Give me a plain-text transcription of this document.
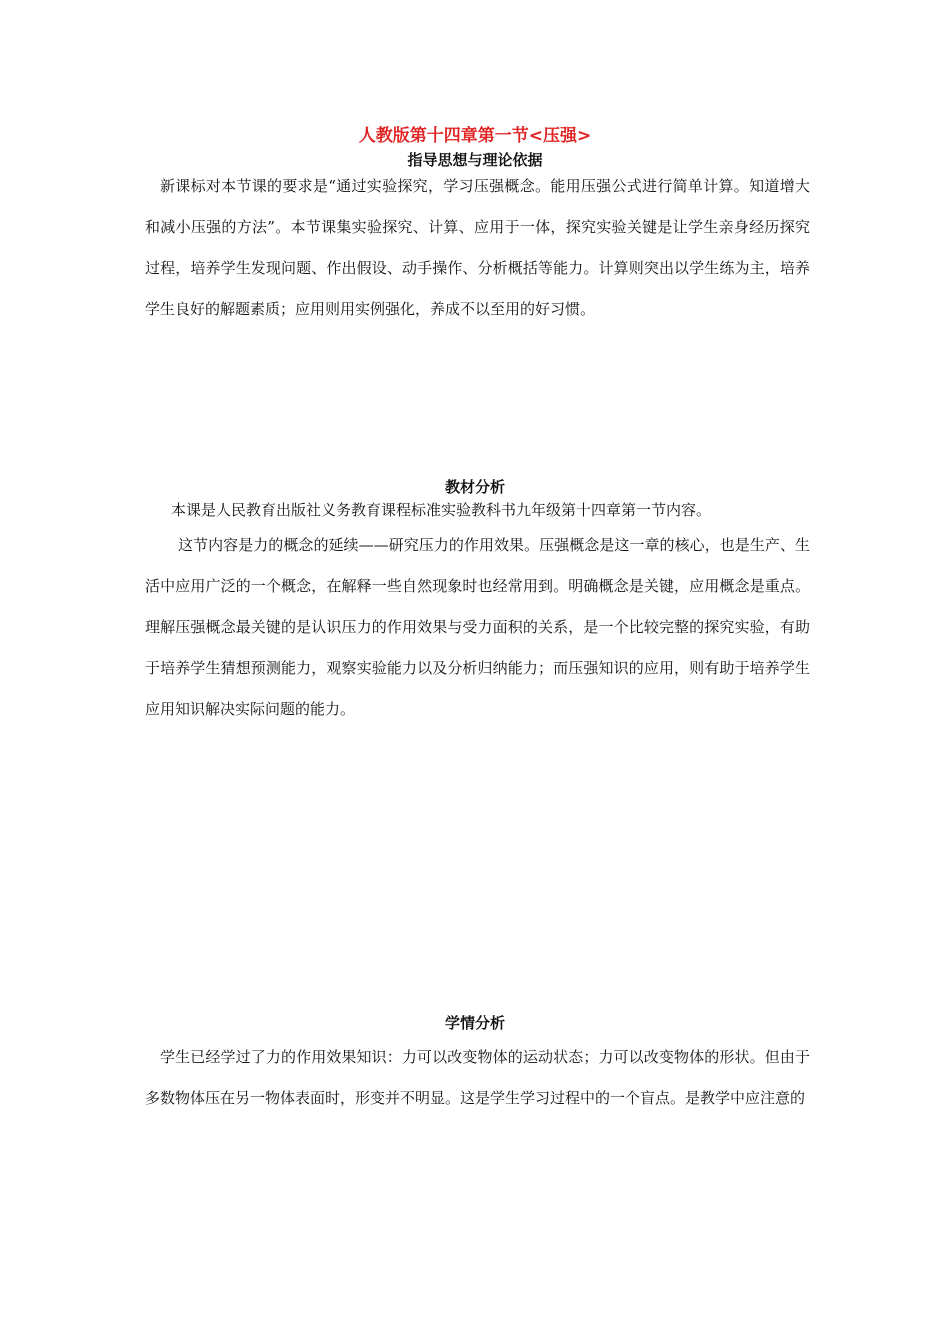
人教版第十四章第一节<压强>
指导思想与理论依据

新课标对本节课的要求是“通过实验探究，学习压强概念。能用压强公式进行简单计算。知道增大和减小压强的方法”。本节课集实验探究、计算、应用于一体，探究实验关键是让学生亲身经历探究过程，培养学生发现问题、作出假设、动手操作、分析概括等能力。计算则突出以学生练为主，培养学生良好的解题素质；应用则用实例强化，养成不以至用的好习惯。

教材分析

本课是人民教育出版社义务教育课程标准实验教科书九年级第十四章第一节内容。

这节内容是力的概念的延续——研究压力的作用效果。压强概念是这一章的核心，也是生产、生活中应用广泛的一个概念，在解释一些自然现象时也经常用到。明确概念是关键，应用概念是重点。理解压强概念最关键的是认识压力的作用效果与受力面积的关系，是一个比较完整的探究实验，有助于培养学生猜想预测能力，观察实验能力以及分析归纳能力；而压强知识的应用，则有助于培养学生应用知识解决实际问题的能力。

学情分析

学生已经学过了力的作用效果知识：力可以改变物体的运动状态；力可以改变物体的形状。但由于多数物体压在另一物体表面时，形变并不明显。这是学生学习过程中的一个盲点。是教学中应注意的
